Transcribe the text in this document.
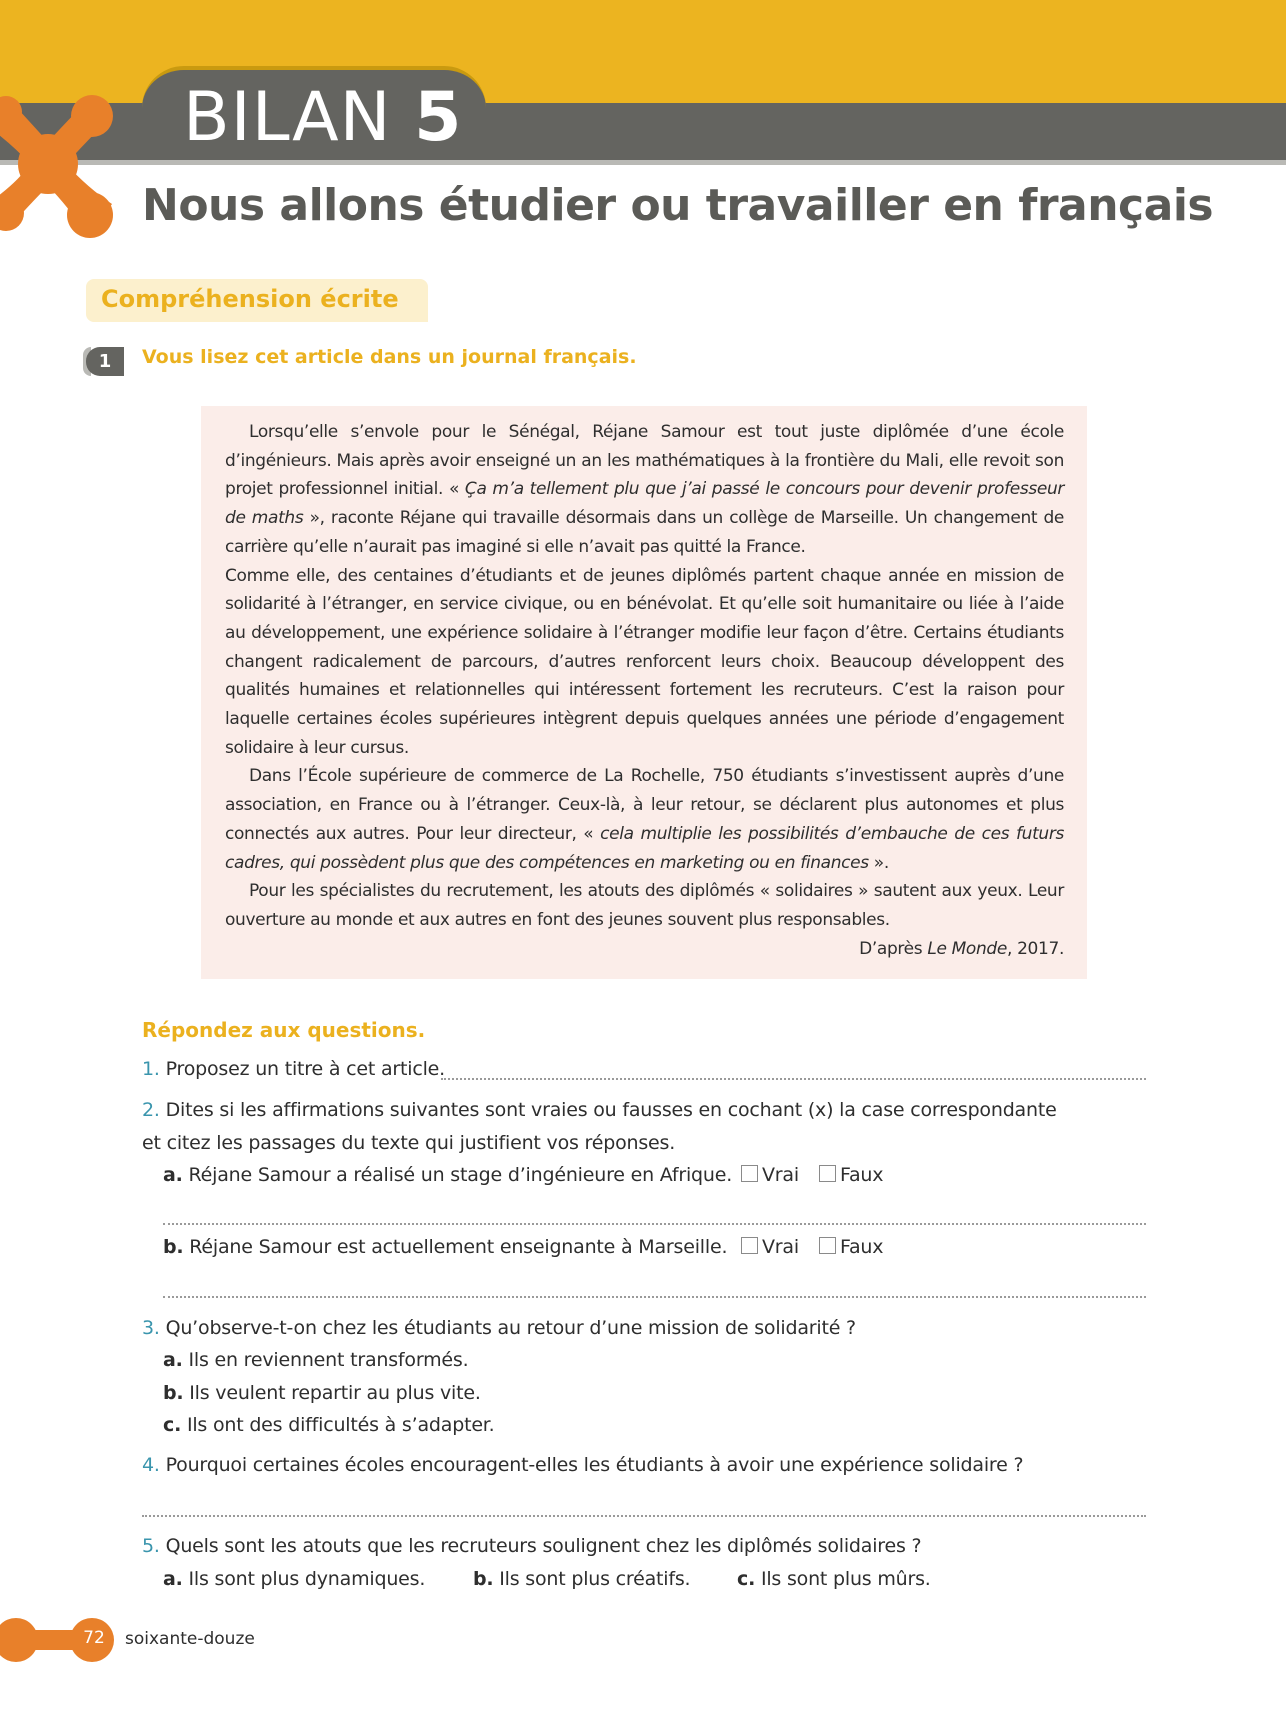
BILAN 5
Nous allons étudier ou travailler en français
Compréhension écrite
1	Vous lisez cet article dans un journal français.

Lorsqu’elle s’envole pour le Sénégal, Réjane Samour est tout juste diplômée d’une école d’ingénieurs. Mais après avoir enseigné un an les mathématiques à la frontière du Mali, elle revoit son projet professionnel initial. « Ça m’a tellement plu que j’ai passé le concours pour devenir professeur de maths », raconte Réjane qui travaille désormais dans un collège de Marseille. Un changement de carrière qu’elle n’aurait pas imaginé si elle n’avait pas quitté la France.

Comme elle, des centaines d’étudiants et de jeunes diplômés partent chaque année en mission de solidarité à l’étranger, en service civique, ou en bénévolat. Et qu’elle soit humanitaire ou liée à l’aide au développement, une expérience solidaire à l’étranger modifie leur façon d’être. Certains étudiants changent radicalement de parcours, d’autres renforcent leurs choix. Beaucoup développent des qualités humaines et relationnelles qui intéressent fortement les recruteurs. C’est la raison pour laquelle certaines écoles supérieures intègrent depuis quelques années une période d’engagement solidaire à leur cursus.

Dans l’École supérieure de commerce de La Rochelle, 750 étudiants s’investissent auprès d’une association, en France ou à l’étranger. Ceux-là, à leur retour, se déclarent plus autonomes et plus connectés aux autres. Pour leur directeur, « cela multiplie les possibilités d’embauche de ces futurs cadres, qui possèdent plus que des compétences en marketing ou en finances ».

Pour les spécialistes du recrutement, les atouts des diplômés « solidaires » sautent aux yeux. Leur ouverture au monde et aux autres en font des jeunes souvent plus responsables.

D’après Le Monde, 2017.

Répondez aux questions.
1. Proposez un titre à cet article.
2. Dites si les affirmations suivantes sont vraies ou fausses en cochant (x) la case correspondante
et citez les passages du texte qui justifient vos réponses.
a. Réjane Samour a réalisé un stage d’ingénieure en Afrique.	Vrai	Faux
b. Réjane Samour est actuellement enseignante à Marseille.	Vrai	Faux
3. Qu’observe-t-on chez les étudiants au retour d’une mission de solidarité ?
a. Ils en reviennent transformés.
b. Ils veulent repartir au plus vite.
c. Ils ont des difficultés à s’adapter.
4. Pourquoi certaines écoles encouragent-elles les étudiants à avoir une expérience solidaire ?
5. Quels sont les atouts que les recruteurs soulignent chez les diplômés solidaires ?
a. Ils sont plus dynamiques.	b. Ils sont plus créatifs. c. Ils sont plus mûrs.
72 soixante-douze
